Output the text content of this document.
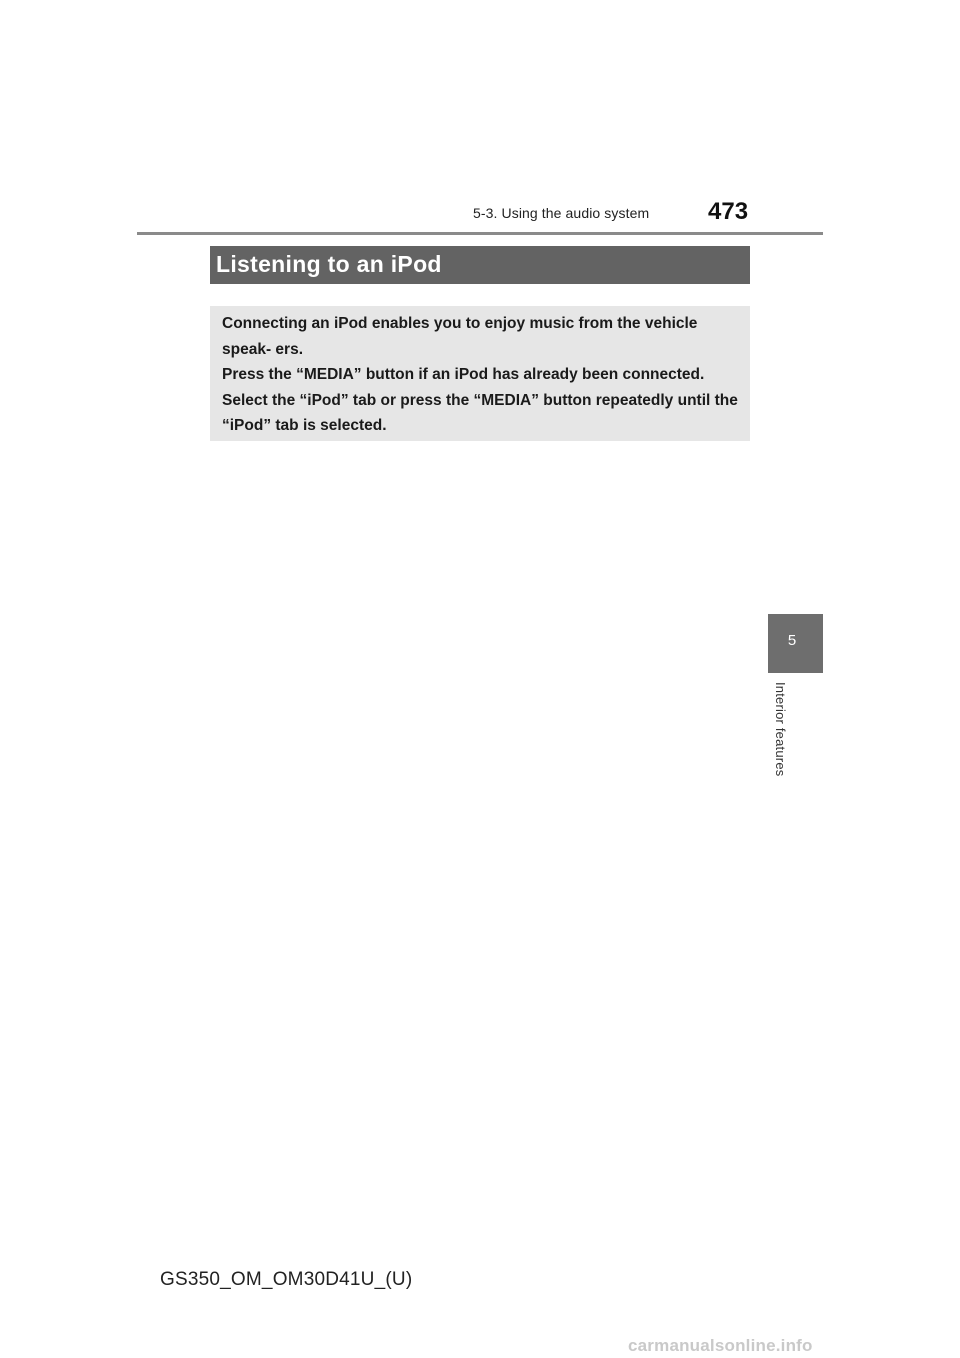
5-3. Using the audio system 473
Listening to an iPod

Connecting an iPod enables you to enjoy music from the vehicle speak- ers.

Press the “MEDIA” button if an iPod has already been connected.

Select the “iPod” tab or press the “MEDIA” button repeatedly until the “iPod” tab is selected.

5
Interior features
GS350_OM_OM30D41U_(U)
carmanualsonline.info
